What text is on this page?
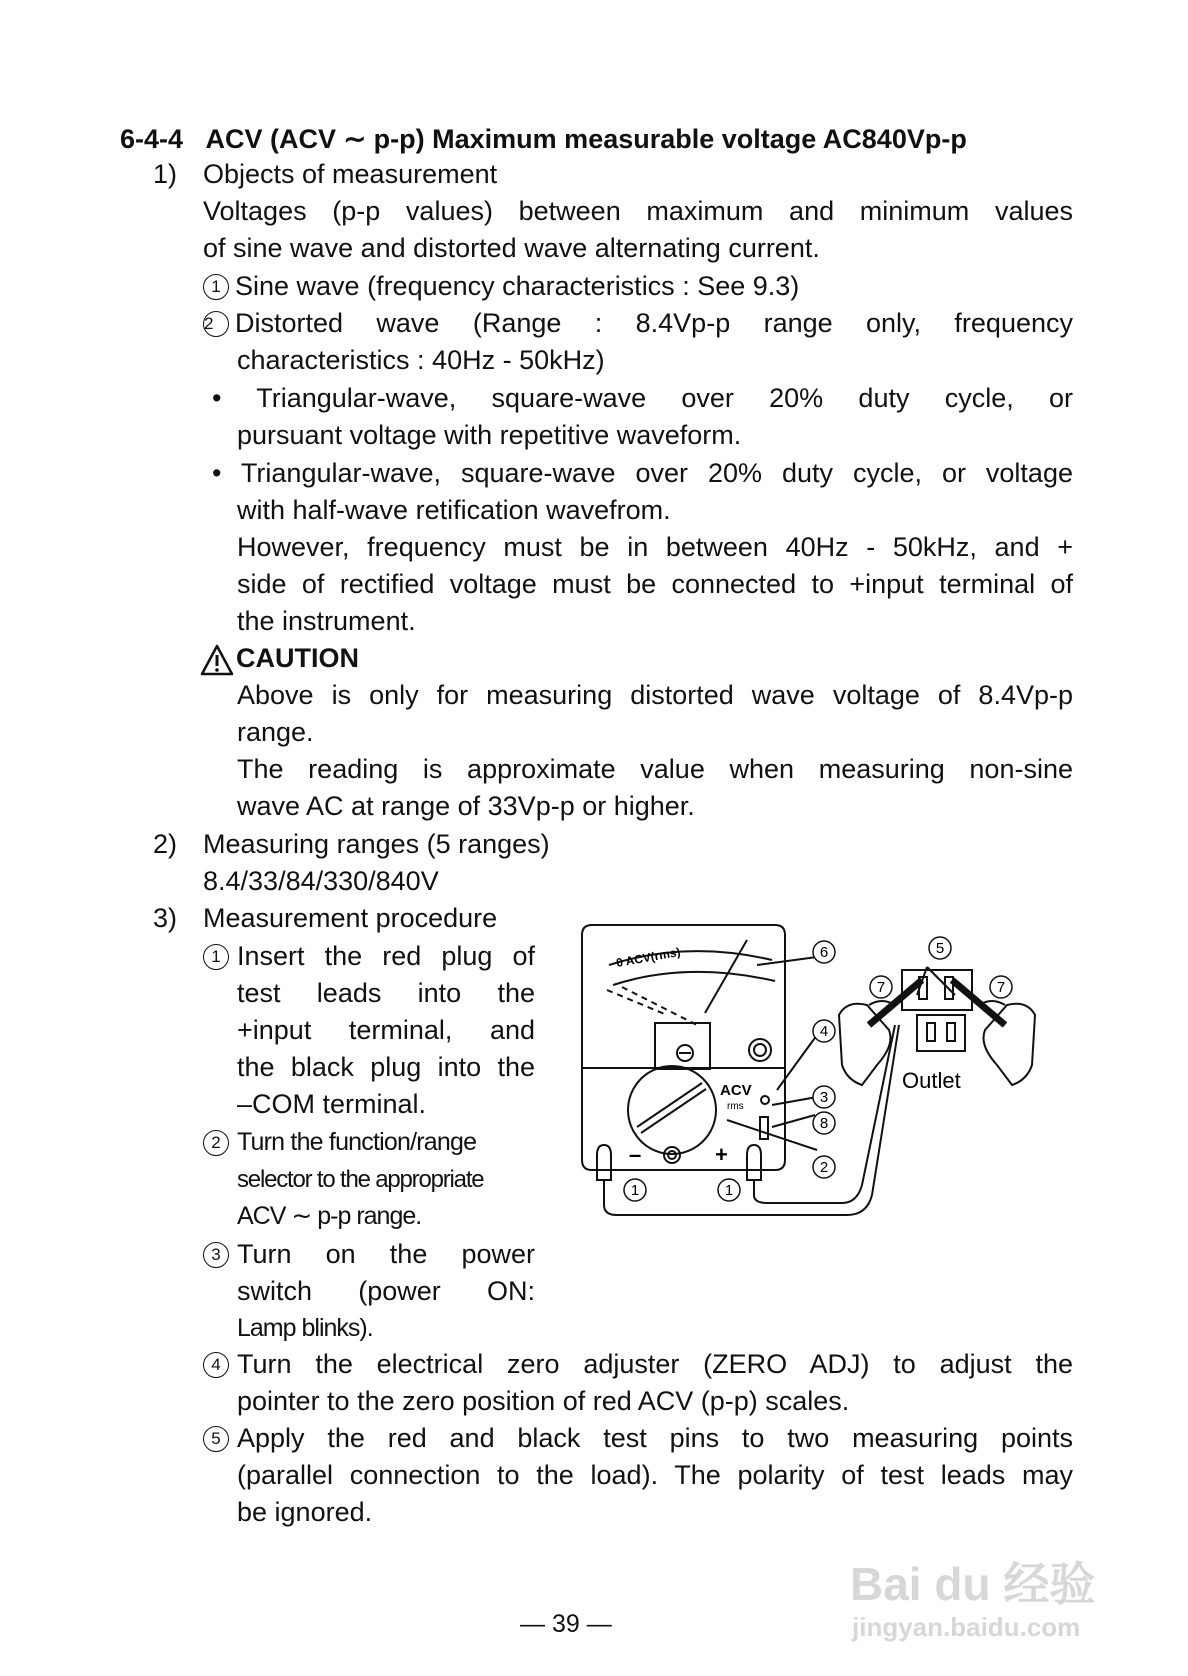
6-4-4 ACV (ACV ∼ p-p) Maximum measurable voltage AC840Vp-p
1) Objects of measurement
Voltages (p-p values) between maximum and minimum values
of sine wave and distorted wave alternating current.
1 Sine wave (frequency characteristics : See 9.3)
2 Distorted wave (Range : 8.4Vp-p range only, frequency
characteristics : 40Hz - 50kHz)
• Triangular-wave, square-wave over 20% duty cycle, or
pursuant voltage with repetitive waveform.
• Triangular-wave, square-wave over 20% duty cycle, or voltage
with half-wave retification wavefrom.
However, frequency must be in between 40Hz - 50kHz, and +
side of rectified voltage must be connected to +input terminal of
the instrument.
CAUTION
Above is only for measuring distorted wave voltage of 8.4Vp-p
range.
The reading is approximate value when measuring non-sine
wave AC at range of 33Vp-p or higher.
2) Measuring ranges (5 ranges)
8.4/33/84/330/840V
3) Measurement procedure
1 Insert the red plug of
test leads into the
+input terminal, and
the black plug into the
–COM terminal.
2 Turn the function/range
selector to the appropriate
ACV ∼ p-p range.
3 Turn on the power
switch (power ON:
Lamp blinks).
4 Turn the electrical zero adjuster (ZERO ADJ) to adjust the
pointer to the zero position of red ACV (p-p) scales.
5 Apply the red and black test pins to two measuring points
(parallel connection to the load). The polarity of test leads may
be ignored.
0 ACV(rms)
ACV
rms
–	+
Outlet
6	5
7	7
4
3
8
2
1	1
— 39 —
Bai du 经验
jingyan.baidu.com
